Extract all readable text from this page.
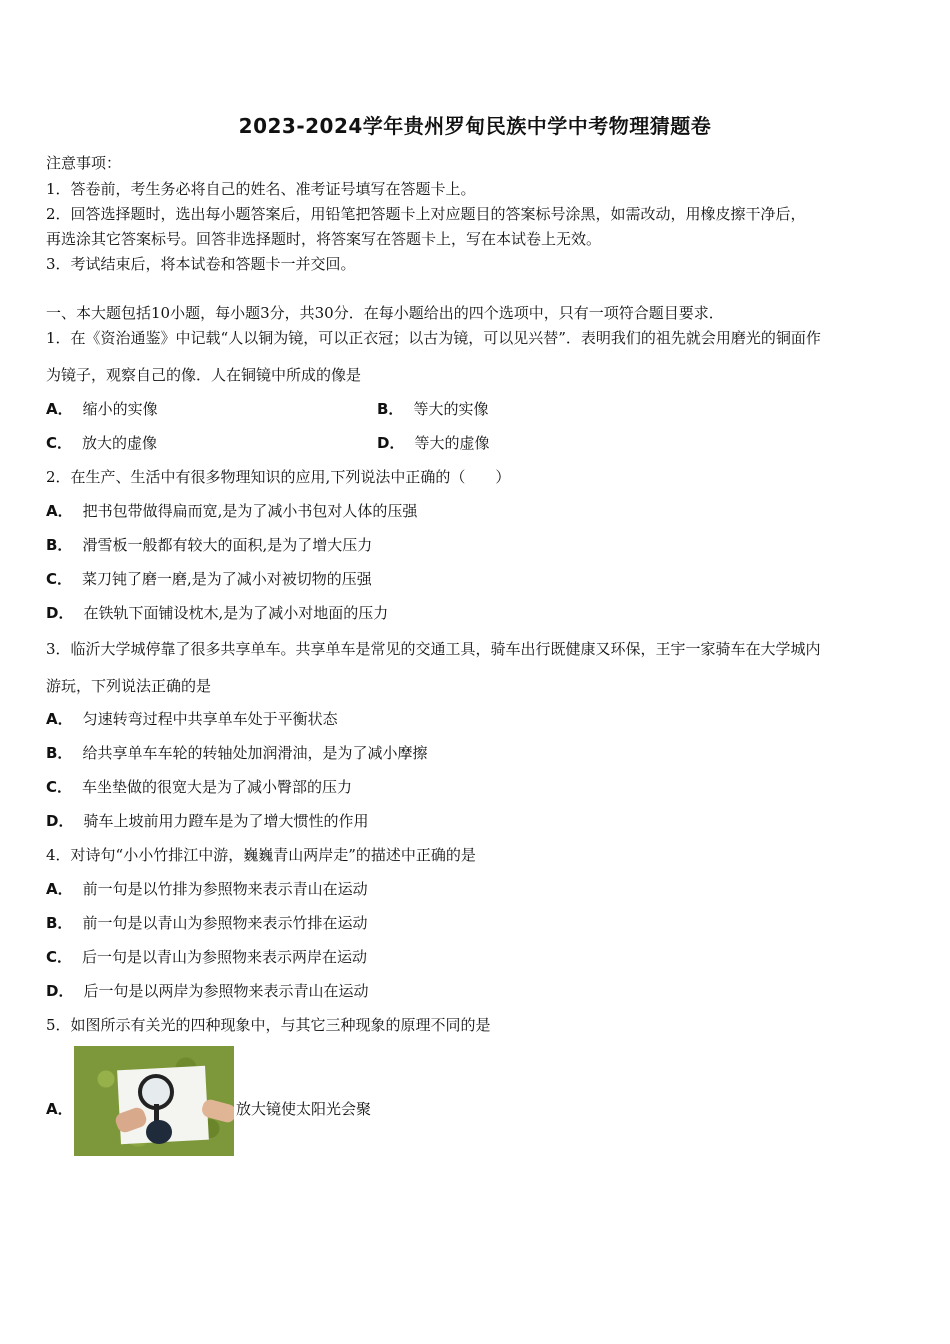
2023-2024学年贵州罗甸民族中学中考物理猜题卷
注意事项：
1．答卷前，考生务必将自己的姓名、准考证号填写在答题卡上。
2．回答选择题时，选出每小题答案后，用铅笔把答题卡上对应题目的答案标号涂黑，如需改动，用橡皮擦干净后，
再选涂其它答案标号。回答非选择题时，将答案写在答题卡上，写在本试卷上无效。
3．考试结束后，将本试卷和答题卡一并交回。
一、本大题包括10小题，每小题3分，共30分．在每小题给出的四个选项中，只有一项符合题目要求．
1．在《资治通鉴》中记载“人以铜为镜，可以正衣冠；以古为镜，可以见兴替”．表明我们的祖先就会用磨光的铜面作
为镜子，观察自己的像．人在铜镜中所成的像是
A． 缩小的实像	B． 等大的实像
C． 放大的虚像	D． 等大的虚像
2．在生产、生活中有很多物理知识的应用,下列说法中正确的（　　）
A． 把书包带做得扁而宽,是为了减小书包对人体的压强
B． 滑雪板一般都有较大的面积,是为了增大压力
C． 菜刀钝了磨一磨,是为了减小对被切物的压强
D． 在铁轨下面铺设枕木,是为了减小对地面的压力
3．临沂大学城停靠了很多共享单车。共享单车是常见的交通工具，骑车出行既健康又环保，王宇一家骑车在大学城内
游玩，下列说法正确的是
A． 匀速转弯过程中共享单车处于平衡状态
B． 给共享单车车轮的转轴处加润滑油，是为了减小摩擦
C． 车坐垫做的很宽大是为了减小臀部的压力
D． 骑车上坡前用力蹬车是为了增大惯性的作用
4．对诗句“小小竹排江中游，巍巍青山两岸走”的描述中正确的是
A． 前一句是以竹排为参照物来表示青山在运动
B． 前一句是以青山为参照物来表示竹排在运动
C． 后一句是以青山为参照物来表示两岸在运动
D． 后一句是以两岸为参照物来表示青山在运动
5．如图所示有关光的四种现象中，与其它三种现象的原理不同的是
A．	放大镜使太阳光会聚
